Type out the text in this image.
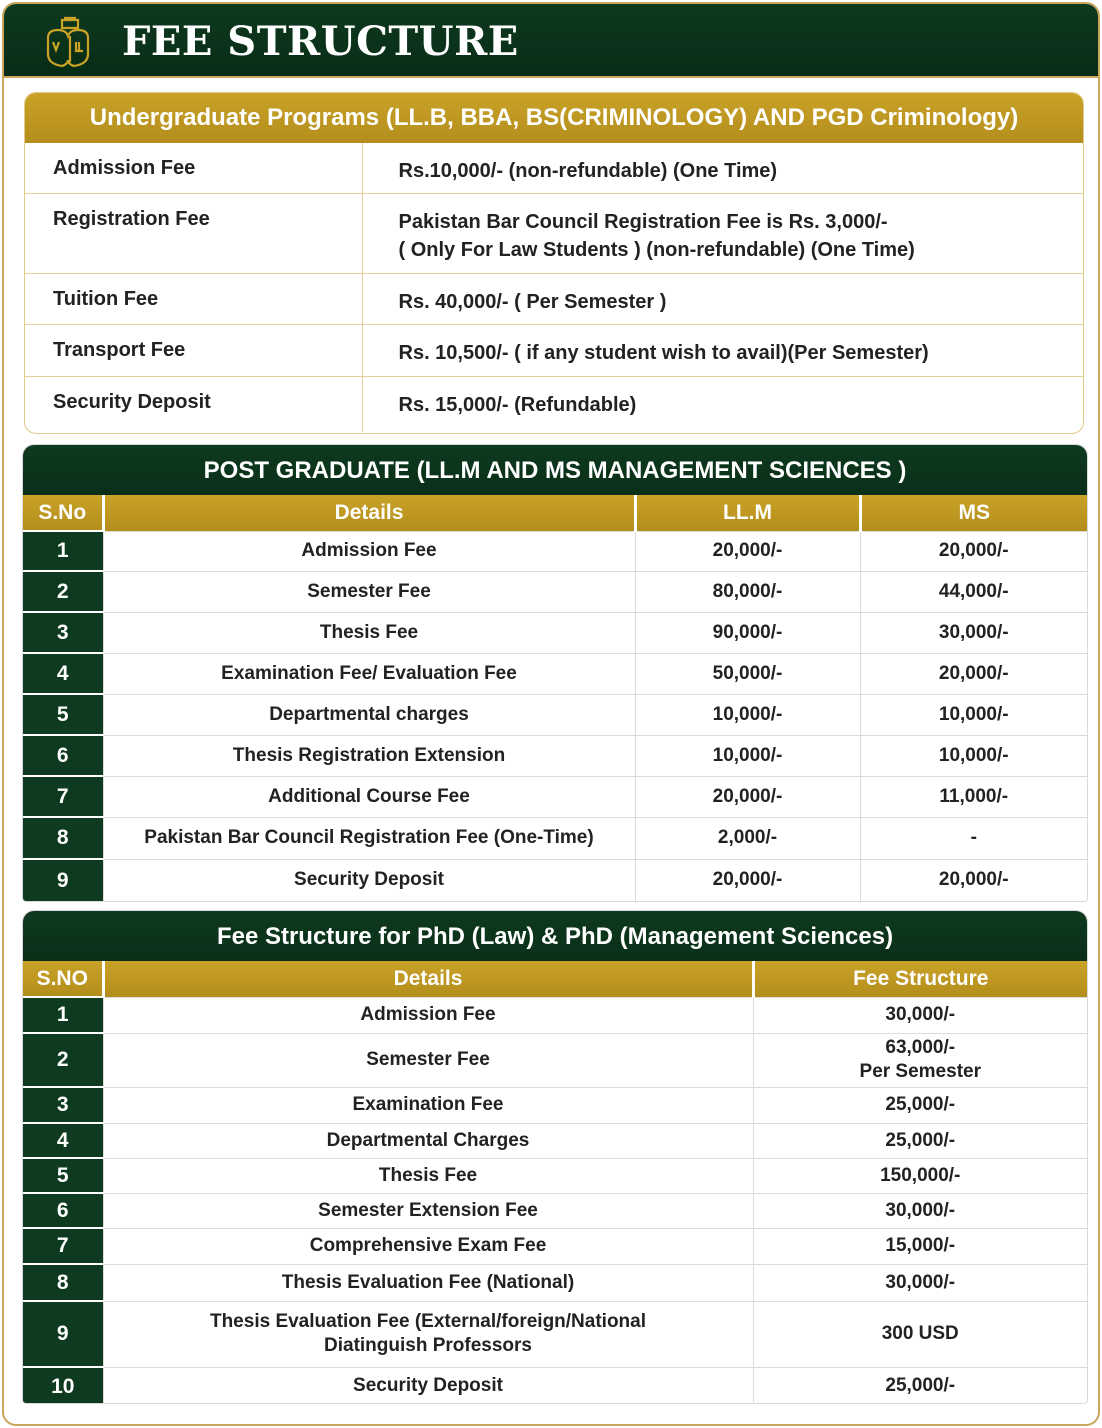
FEE STRUCTURE
Undergraduate Programs (LL.B, BBA, BS(CRIMINOLOGY) AND PGD Criminology)
Admission Fee	Rs.10,000/- (non-refundable) (One Time)

Registration Fee	Pakistan Bar Council Registration Fee is Rs. 3,000/-
( Only For Law Students ) (non-refundable) (One Time)

Tuition Fee	Rs. 40,000/- ( Per Semester )

Transport Fee	Rs. 10,500/- ( if any student wish to avail)(Per Semester)

Security Deposit	Rs. 15,000/- (Refundable)
POST GRADUATE (LL.M AND MS MANAGEMENT SCIENCES )
S.No	Details	LL.M	MS
1	Admission Fee	20,000/-	20,000/-
2	Semester Fee	80,000/-	44,000/-
3	Thesis Fee	90,000/-	30,000/-
4	Examination Fee/ Evaluation Fee	50,000/-	20,000/-
5	Departmental charges	10,000/-	10,000/-
6	Thesis Registration Extension	10,000/-	10,000/-
7	Additional Course Fee	20,000/-	11,000/-
8	Pakistan Bar Council Registration Fee (One-Time)	2,000/-	-
9	Security Deposit	20,000/-	20,000/-
Fee Structure for PhD (Law) & PhD (Management Sciences)
S.NO	Details	Fee Structure
1	Admission Fee	30,000/-

2	Semester Fee	63,000/-
Per Semester

3	Examination Fee	25,000/-

4	Departmental Charges	25,000/-

5	Thesis Fee	150,000/-

6	Semester Extension Fee	30,000/-

7	Comprehensive Exam Fee	15,000/-

8	Thesis Evaluation Fee (National)	30,000/-

9	Thesis Evaluation Fee (External/foreign/National
Diatinguish Professors	300 USD

10	Security Deposit	25,000/-
